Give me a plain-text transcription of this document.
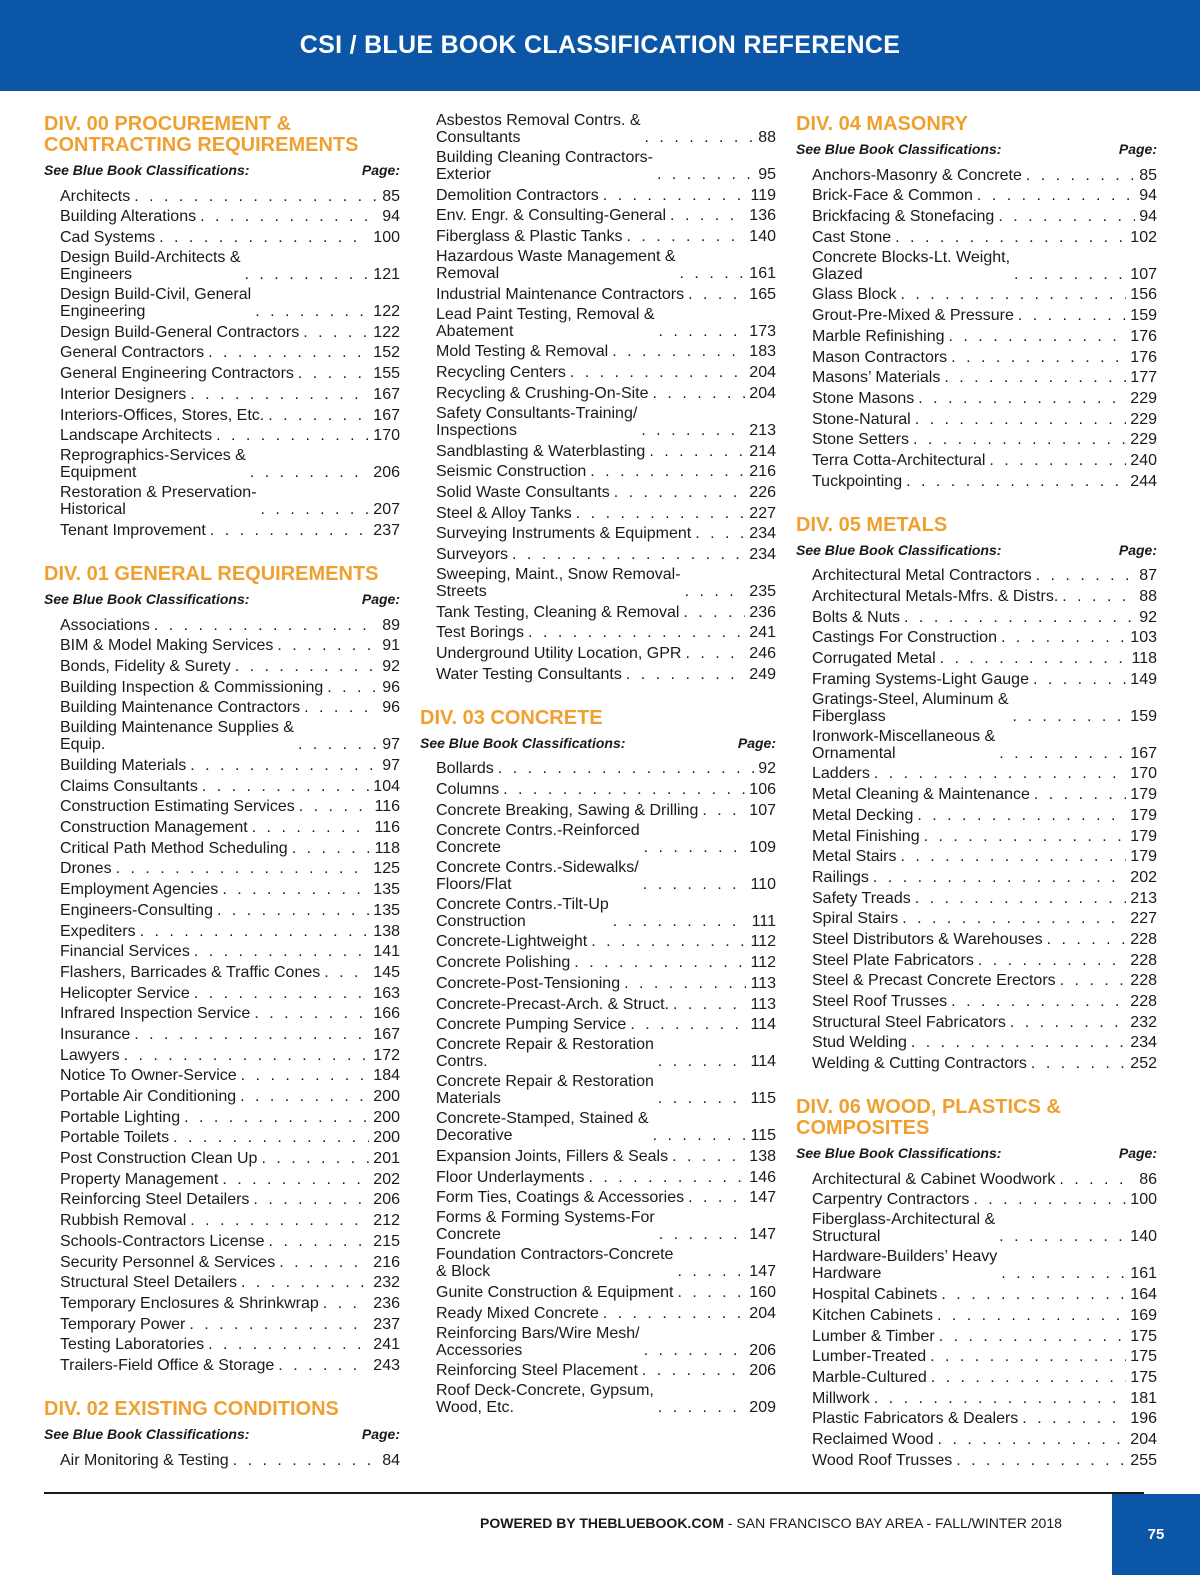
CSI / BLUE BOOK CLASSIFICATION REFERENCE
DIV. 00 PROCUREMENT & CONTRACTING REQUIREMENTS
See Blue Book Classifications:	Page:
Architects . . .	85
Building Alterations . . .	94
Cad Systems . . .	100
Design Build-Architects &
Engineers . . .	121
Design Build-Civil, General
Engineering . . .	122
Design Build-General Contractors . . .	122
General Contractors . . .	152
General Engineering Contractors . . .	155
Interior Designers . . .	167
Interiors-Offices, Stores, Etc. . . .	167
Landscape Architects . . .	170
Reprographics-Services &
Equipment . . .	206
Restoration & Preservation-
Historical . . .	207
Tenant Improvement . . .	237
DIV. 01 GENERAL REQUIREMENTS
See Blue Book Classifications:	Page:
Associations . . .	89
BIM & Model Making Services . . .	91
Bonds, Fidelity & Surety . . .	92
Building Inspection & Commissioning . . .	96
Building Maintenance Contractors . . .	96
Building Maintenance Supplies &
Equip. . . .	97
Building Materials . . .	97
Claims Consultants . . .	104
Construction Estimating Services . . .	116
Construction Management . . .	116
Critical Path Method Scheduling . . .	118
Drones . . .	125
Employment Agencies . . .	135
Engineers-Consulting . . .	135
Expediters . . .	138
Financial Services . . .	141
Flashers, Barricades & Traffic Cones . . .	145
Helicopter Service . . .	163
Infrared Inspection Service . . .	166
Insurance . . .	167
Lawyers . . .	172
Notice To Owner-Service . . .	184
Portable Air Conditioning . . .	200
Portable Lighting . . .	200
Portable Toilets . . .	200
Post Construction Clean Up . . .	201
Property Management . . .	202
Reinforcing Steel Detailers . . .	206
Rubbish Removal . . .	212
Schools-Contractors License . . .	215
Security Personnel & Services . . .	216
Structural Steel Detailers . . .	232
Temporary Enclosures & Shrinkwrap . . .	236
Temporary Power . . .	237
Testing Laboratories . . .	241
Trailers-Field Office & Storage . . .	243
DIV. 02 EXISTING CONDITIONS
See Blue Book Classifications:	Page:
Air Monitoring & Testing . . .	84
Asbestos Removal Contrs. &
Consultants . . .	88
Building Cleaning Contractors-
Exterior . . .	95
Demolition Contractors . . .	119
Env. Engr. & Consulting-General . . .	136
Fiberglass & Plastic Tanks . . .	140
Hazardous Waste Management &
Removal . . .	161
Industrial Maintenance Contractors . . .	165
Lead Paint Testing, Removal &
Abatement . . .	173
Mold Testing & Removal . . .	183
Recycling Centers . . .	204
Recycling & Crushing-On-Site . . .	204
Safety Consultants-Training/
Inspections . . .	213
Sandblasting & Waterblasting . . .	214
Seismic Construction . . .	216
Solid Waste Consultants . . .	226
Steel & Alloy Tanks . . .	227
Surveying Instruments & Equipment . . .	234
Surveyors . . .	234
Sweeping, Maint., Snow Removal-
Streets . . .	235
Tank Testing, Cleaning & Removal . . .	236
Test Borings . . .	241
Underground Utility Location, GPR . . .	246
Water Testing Consultants . . .	249
DIV. 03 CONCRETE
See Blue Book Classifications:	Page:
Bollards . . .	92
Columns . . .	106
Concrete Breaking, Sawing & Drilling . . .	107
Concrete Contrs.-Reinforced
Concrete . . .	109
Concrete Contrs.-Sidewalks/
Floors/Flat . . .	110
Concrete Contrs.-Tilt-Up
Construction . . .	111
Concrete-Lightweight . . .	112
Concrete Polishing . . .	112
Concrete-Post-Tensioning . . .	113
Concrete-Precast-Arch. & Struct. . . .	113
Concrete Pumping Service . . .	114
Concrete Repair & Restoration
Contrs. . . .	114
Concrete Repair & Restoration
Materials . . .	115
Concrete-Stamped, Stained &
Decorative . . .	115
Expansion Joints, Fillers & Seals . . .	138
Floor Underlayments . . .	146
Form Ties, Coatings & Accessories . . .	147
Forms & Forming Systems-For
Concrete . . .	147
Foundation Contractors-Concrete
& Block . . .	147
Gunite Construction & Equipment . . .	160
Ready Mixed Concrete . . .	204
Reinforcing Bars/Wire Mesh/
Accessories . . .	206
Reinforcing Steel Placement . . .	206
Roof Deck-Concrete, Gypsum,
Wood, Etc. . . .	209
DIV. 04 MASONRY
See Blue Book Classifications:	Page:
Anchors-Masonry & Concrete . . .	85
Brick-Face & Common . . .	94
Brickfacing & Stonefacing . . .	94
Cast Stone . . .	102
Concrete Blocks-Lt. Weight,
Glazed . . .	107
Glass Block . . .	156
Grout-Pre-Mixed & Pressure . . .	159
Marble Refinishing . . .	176
Mason Contractors . . .	176
Masons’ Materials . . .	177
Stone Masons . . .	229
Stone-Natural . . .	229
Stone Setters . . .	229
Terra Cotta-Architectural . . .	240
Tuckpointing . . .	244
DIV. 05 METALS
See Blue Book Classifications:	Page:
Architectural Metal Contractors . . .	87
Architectural Metals-Mfrs. & Distrs. . . .	88
Bolts & Nuts . . .	92
Castings For Construction . . .	103
Corrugated Metal . . .	118
Framing Systems-Light Gauge . . .	149
Gratings-Steel, Aluminum &
Fiberglass . . .	159
Ironwork-Miscellaneous &
Ornamental . . .	167
Ladders . . .	170
Metal Cleaning & Maintenance . . .	179
Metal Decking . . .	179
Metal Finishing . . .	179
Metal Stairs . . .	179
Railings . . .	202
Safety Treads . . .	213
Spiral Stairs . . .	227
Steel Distributors & Warehouses . . .	228
Steel Plate Fabricators . . .	228
Steel & Precast Concrete Erectors . . .	228
Steel Roof Trusses . . .	228
Structural Steel Fabricators . . .	232
Stud Welding . . .	234
Welding & Cutting Contractors . . .	252
DIV. 06 WOOD, PLASTICS & COMPOSITES
See Blue Book Classifications:	Page:
Architectural & Cabinet Woodwork . . .	86
Carpentry Contractors . . .	100
Fiberglass-Architectural &
Structural . . .	140
Hardware-Builders’ Heavy
Hardware . . .	161
Hospital Cabinets . . .	164
Kitchen Cabinets . . .	169
Lumber & Timber . . .	175
Lumber-Treated . . .	175
Marble-Cultured . . .	175
Millwork . . .	181
Plastic Fabricators & Dealers . . .	196
Reclaimed Wood . . .	204
Wood Roof Trusses . . .	255
POWERED BY THEBLUEBOOK.COM - SAN FRANCISCO BAY AREA - FALL/WINTER 2018
75
